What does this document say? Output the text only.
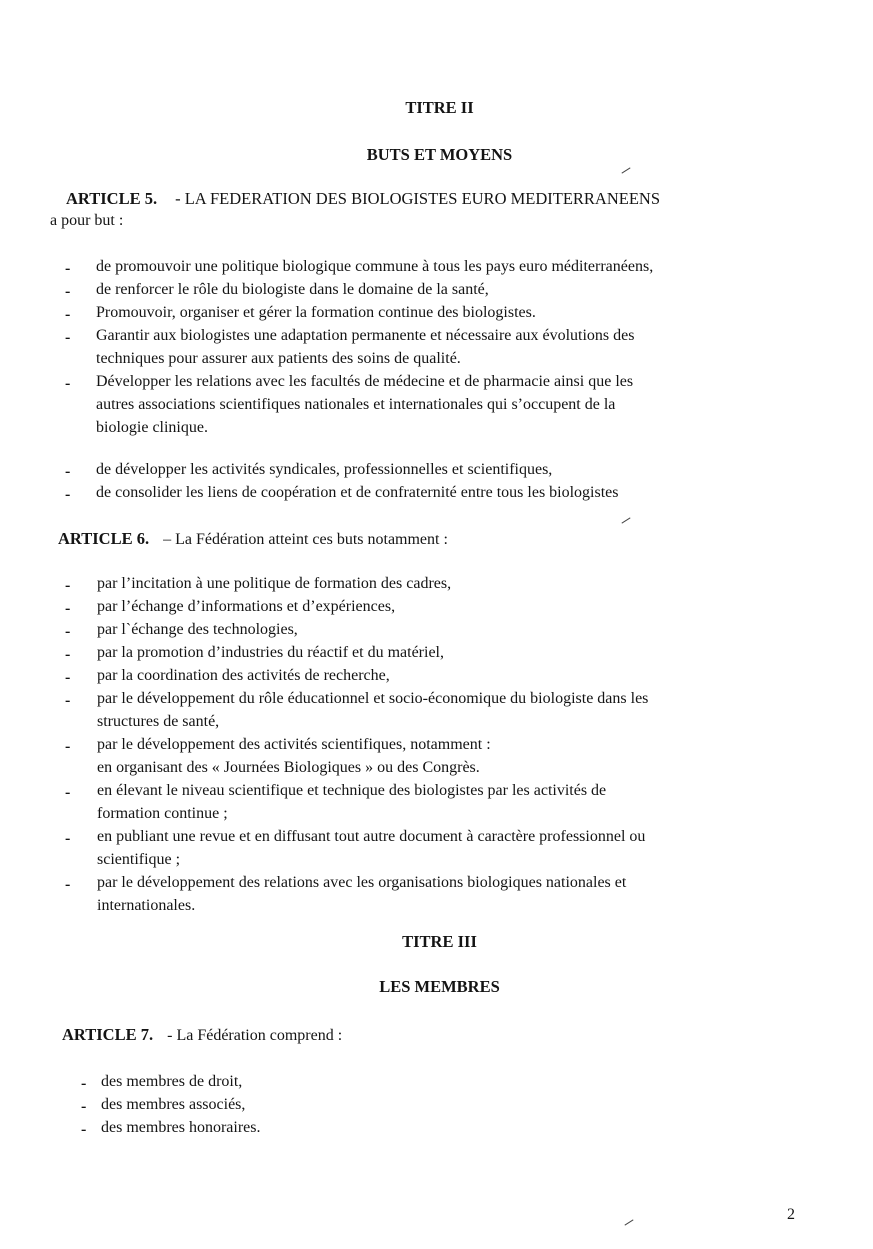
TITRE II
BUTS ET MOYENS
ARTICLE 5. - LA FEDERATION DES BIOLOGISTES EURO MEDITERRANEENS
a pour but :
- de promouvoir une politique biologique commune à tous les pays euro méditerranéens,
- de renforcer le rôle du biologiste dans le domaine de la santé,
- Promouvoir, organiser et gérer la formation continue des biologistes.
- Garantir aux biologistes une adaptation permanente et nécessaire aux évolutions des
techniques pour assurer aux patients des soins de qualité.
- Développer les relations avec les facultés de médecine et de pharmacie ainsi que les
autres associations scientifiques nationales et internationales qui s’occupent de la
biologie clinique.
- de développer les activités syndicales, professionnelles et scientifiques,
- de consolider les liens de coopération et de confraternité entre tous les biologistes
ARTICLE 6. – La Fédération atteint ces buts notamment :
- par l’incitation à une politique de formation des cadres,
- par l’échange d’informations et d’expériences,
- par l`échange des technologies,
- par la promotion d’industries du réactif et du matériel,
- par la coordination des activités de recherche,
- par le développement du rôle éducationnel et socio-économique du biologiste dans les
structures de santé,
- par le développement des activités scientifiques, notamment :
en organisant des « Journées Biologiques » ou des Congrès.
- en élevant le niveau scientifique et technique des biologistes par les activités de
formation continue ;
- en publiant une revue et en diffusant tout autre document à caractère professionnel ou
scientifique ;
- par le développement des relations avec les organisations biologiques nationales et
internationales.
TITRE III
LES MEMBRES
ARTICLE 7. - La Fédération comprend :
- des membres de droit,
- des membres associés,
- des membres honoraires.
2
